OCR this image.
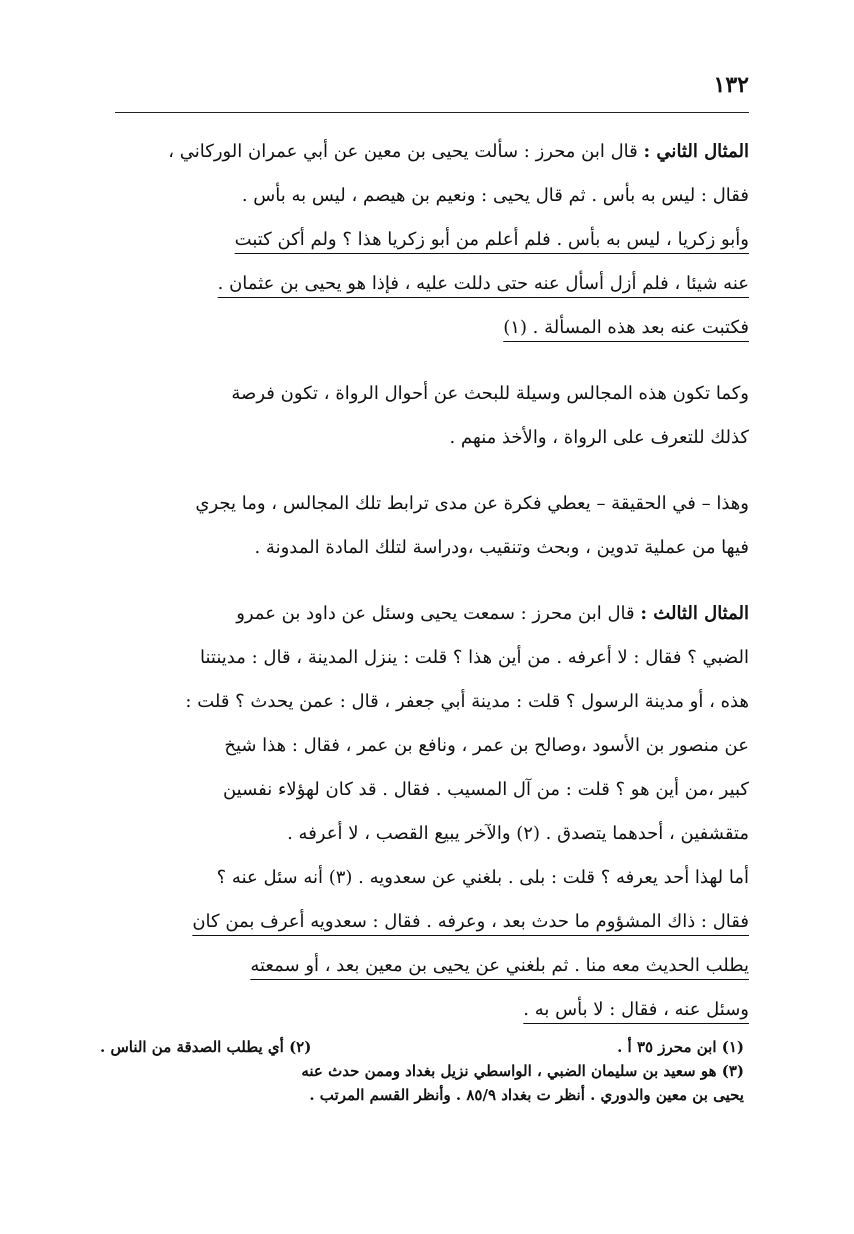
١٣٢

المثال الثاني : قال ابن محرز : سألت يحيى بن معين عن أبي عمران الوركاني ،
فقال : ليس به بأس . ثم قال يحيى : ونعيم بن هيصم ، ليس به بأس .
وأبو زكريا ، ليس به بأس . فلم أعلم من أبو زكريا هذا ؟ ولم أكن كتبت
عنه شيئا ، فلم أزل أسأل عنه حتى دللت عليه ، فإذا هو يحيى بن عثمان .
فكتبت عنه بعد هذه المسألة . (١)

وكما تكون هذه المجالس وسيلة للبحث عن أحوال الرواة ، تكون فرصة
كذلك للتعرف على الرواة ، والأخذ منهم .

وهذا – في الحقيقة – يعطي فكرة عن مدى ترابط تلك المجالس ، وما يجري
فيها من عملية تدوين ، وبحث وتنقيب ،ودراسة لتلك المادة المدونة .

المثال الثالث : قال ابن محرز : سمعت يحيى وسئل عن داود بن عمرو
الضبي ؟ فقال : لا أعرفه . من أين هذا ؟ قلت : ينزل المدينة ، قال : مدينتنا
هذه ، أو مدينة الرسول ؟ قلت : مدينة أبي جعفر ، قال : عمن يحدث ؟ قلت :
عن منصور بن الأسود ،وصالح بن عمر ، ونافع بن عمر ، فقال : هذا شيخ
كبير ،من أين هو ؟ قلت : من آل المسيب . فقال . قد كان لهؤلاء نفسين
متقشفين ، أحدهما يتصدق . (٢) والآخر يبيع القصب ، لا أعرفه .
أما لهذا أحد يعرفه ؟ قلت : بلى . بلغني عن سعدويه . (٣) أنه سئل عنه ؟
فقال : ذاك المشؤوم ما حدث بعد ، وعرفه . فقال : سعدويه أعرف بمن كان
يطلب الحديث معه منا . ثم بلغني عن يحيى بن معين بعد ، أو سمعته
وسئل عنه ، فقال : لا بأس به .

(١) ابن محرز ٣٥ أ .
(٢) أي يطلب الصدقة من الناس .
(٣) هو سعيد بن سليمان الضبي ، الواسطي نزيل بغداد وممن حدث عنه
يحيى بن معين والدوري . أنظر ت بغداد ٨٥/٩ . وأنظر القسم المرتب .
